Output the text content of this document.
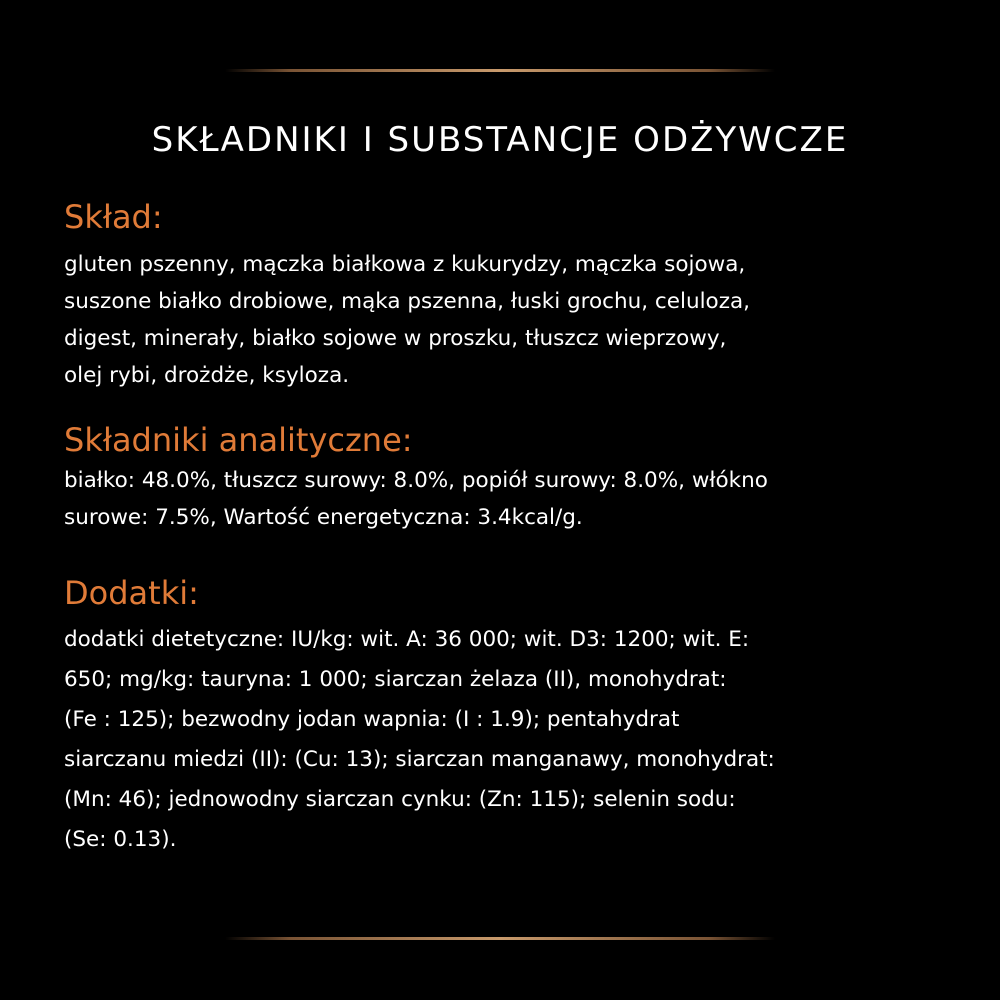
SKŁADNIKI I SUBSTANCJE ODŻYWCZE
Skład:
gluten pszenny, mączka białkowa z kukurydzy, mączka sojowa,
suszone białko drobiowe, mąka pszenna, łuski grochu, celuloza,
digest, minerały, białko sojowe w proszku, tłuszcz wieprzowy,
olej rybi, drożdże, ksyloza.
Składniki analityczne:
białko: 48.0%, tłuszcz surowy: 8.0%, popiół surowy: 8.0%, włókno
surowe: 7.5%, Wartość energetyczna: 3.4kcal/g.
Dodatki:
dodatki dietetyczne: IU/kg: wit. A: 36 000; wit. D3: 1200; wit. E:
650; mg/kg: tauryna: 1 000; siarczan żelaza (II), monohydrat:
(Fe : 125); bezwodny jodan wapnia: (I : 1.9); pentahydrat
siarczanu miedzi (II): (Cu: 13); siarczan manganawy, monohydrat:
(Mn: 46); jednowodny siarczan cynku: (Zn: 115); selenin sodu:
(Se: 0.13).
